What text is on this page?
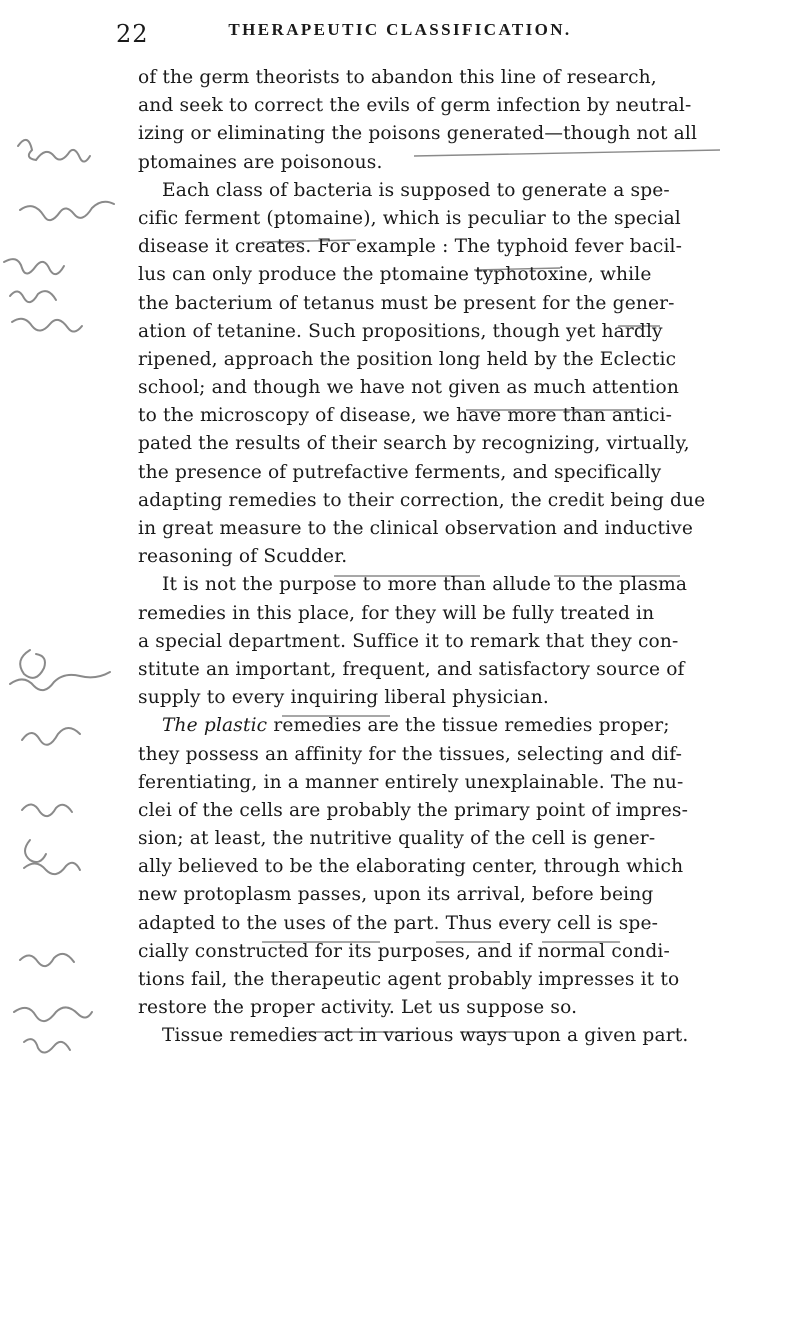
22	THERAPEUTIC CLASSIFICATION.
of the germ theorists to abandon this line of research,
and seek to correct the evils of germ infection by neutral-
izing or eliminating the poisons generated—though not all
ptomaines are poisonous.
Each class of bacteria is supposed to generate a spe-
cific ferment (ptomaine), which is peculiar to the special
disease it creates. For example : The typhoid fever bacil-
lus can only produce the ptomaine typhotoxine, while
the bacterium of tetanus must be present for the gener-
ation of tetanine. Such propositions, though yet hardly
ripened, approach the position long held by the Eclectic
school; and though we have not given as much attention
to the microscopy of disease, we have more than antici-
pated the results of their search by recognizing, virtually,
the presence of putrefactive ferments, and specifically
adapting remedies to their correction, the credit being due
in great measure to the clinical observation and inductive
reasoning of Scudder.
It is not the purpose to more than allude to the plasma
remedies in this place, for they will be fully treated in
a special department. Suffice it to remark that they con-
stitute an important, frequent, and satisfactory source of
supply to every inquiring liberal physician.
The plastic remedies are the tissue remedies proper;
they possess an affinity for the tissues, selecting and dif-
ferentiating, in a manner entirely unexplainable. The nu-
clei of the cells are probably the primary point of impres-
sion; at least, the nutritive quality of the cell is gener-
ally believed to be the elaborating center, through which
new protoplasm passes, upon its arrival, before being
adapted to the uses of the part. Thus every cell is spe-
cially constructed for its purposes, and if normal condi-
tions fail, the therapeutic agent probably impresses it to
restore the proper activity. Let us suppose so.
Tissue remedies act in various ways upon a given part.
